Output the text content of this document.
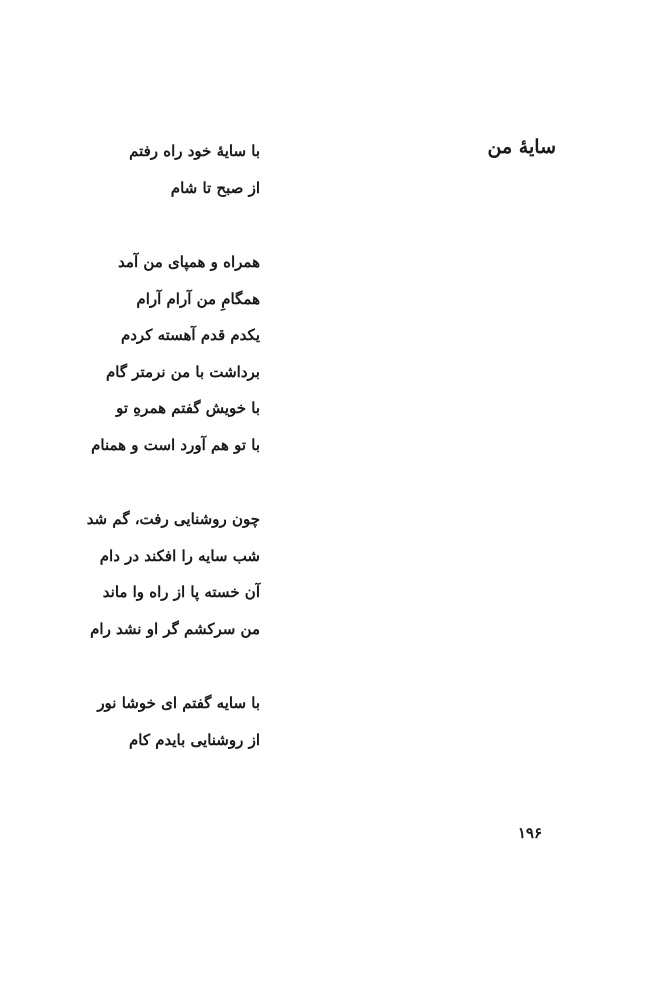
سایهٔ من
با سایهٔ خود راه رفتم
از صبح تا شام
همراه و همپای من آمد
همگامِ من آرام آرام
یکدم قدم آهسته کردم
برداشت با من نرمتر گام
با خویش گفتم همرهِ تو
با تو هم آورد است و همنام
چون روشنایی رفت، گم شد
شب سایه را افکند در دام
آن خسته پا از راه وا ماند
من سرکشم گر او نشد رام
با سایه گفتم ای خوشا نور
از روشنایی بایدم کام
۱۹۶
